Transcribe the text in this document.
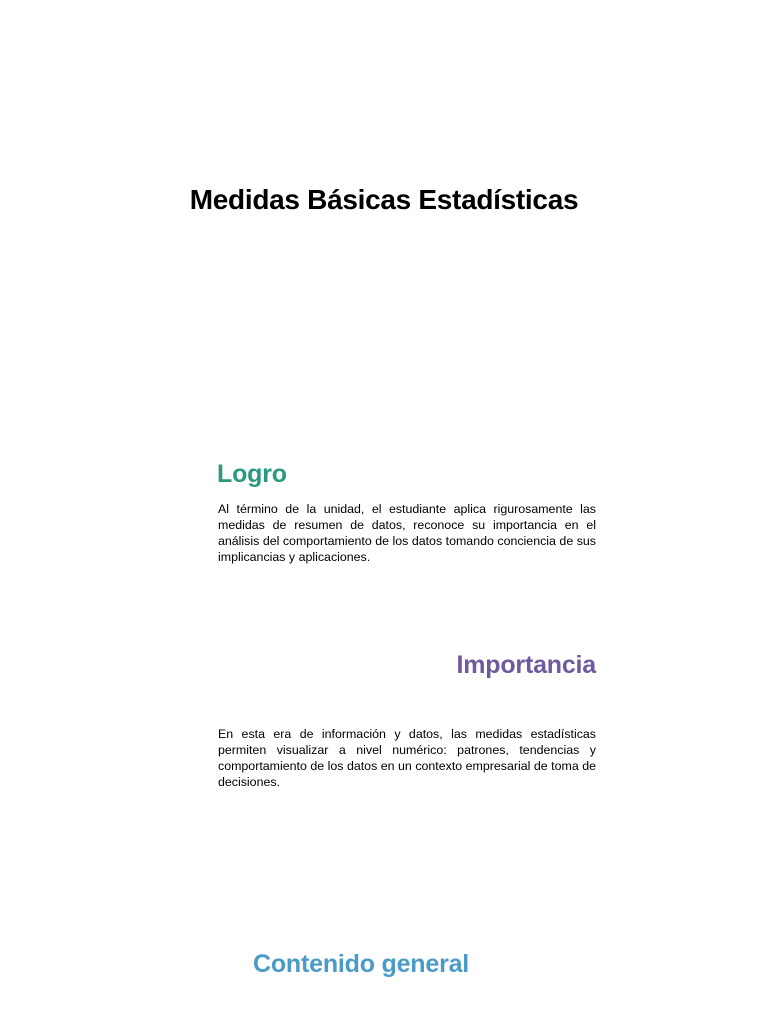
Medidas Básicas Estadísticas
Logro

Al término de la unidad, el estudiante aplica rigurosamente las medidas de resumen de datos, reconoce su importancia en el análisis del comportamiento de los datos tomando conciencia de sus implicancias y aplicaciones.

Importancia

En esta era de información y datos, las medidas estadísticas permiten visualizar a nivel numérico: patrones, tendencias y comportamiento de los datos en un contexto empresarial de toma de decisiones.

Contenido general
